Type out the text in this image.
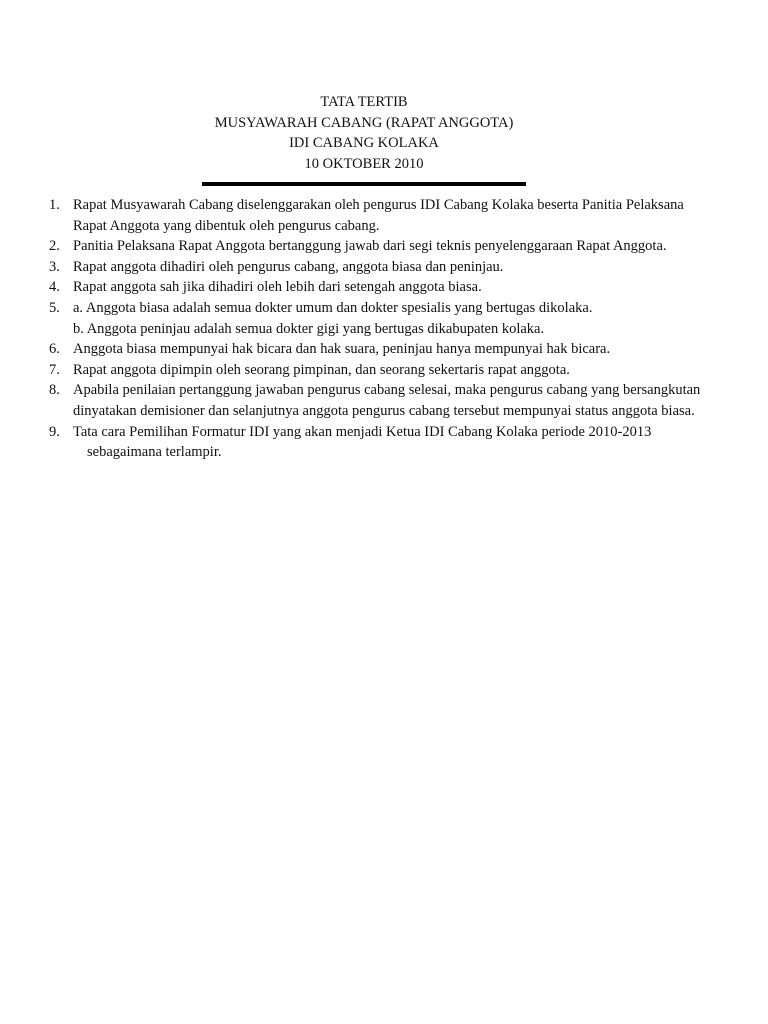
TATA TERTIB
MUSYAWARAH CABANG (RAPAT ANGGOTA)
IDI CABANG KOLAKA
10 OKTOBER 2010
1. Rapat Musyawarah Cabang diselenggarakan oleh pengurus IDI Cabang Kolaka beserta Panitia Pelaksana Rapat Anggota yang dibentuk oleh pengurus cabang.
2. Panitia Pelaksana Rapat Anggota bertanggung jawab dari segi teknis penyelenggaraan Rapat Anggota.
3. Rapat anggota dihadiri oleh pengurus cabang, anggota biasa dan peninjau.
4. Rapat anggota sah jika dihadiri oleh lebih dari setengah anggota biasa.
5. a. Anggota biasa adalah semua dokter umum dan dokter spesialis yang bertugas dikolaka.
b. Anggota peninjau adalah semua dokter gigi yang bertugas dikabupaten kolaka.
6. Anggota biasa mempunyai hak bicara dan hak suara, peninjau hanya mempunyai hak bicara.
7. Rapat anggota dipimpin oleh seorang pimpinan, dan seorang sekertaris rapat anggota.
8. Apabila penilaian pertanggung jawaban pengurus cabang selesai, maka pengurus cabang yang bersangkutan dinyatakan demisioner dan selanjutnya anggota pengurus cabang tersebut mempunyai status anggota biasa.
9. Tata cara Pemilihan Formatur IDI yang akan menjadi Ketua IDI Cabang Kolaka periode 2010-2013
sebagaimana terlampir.
